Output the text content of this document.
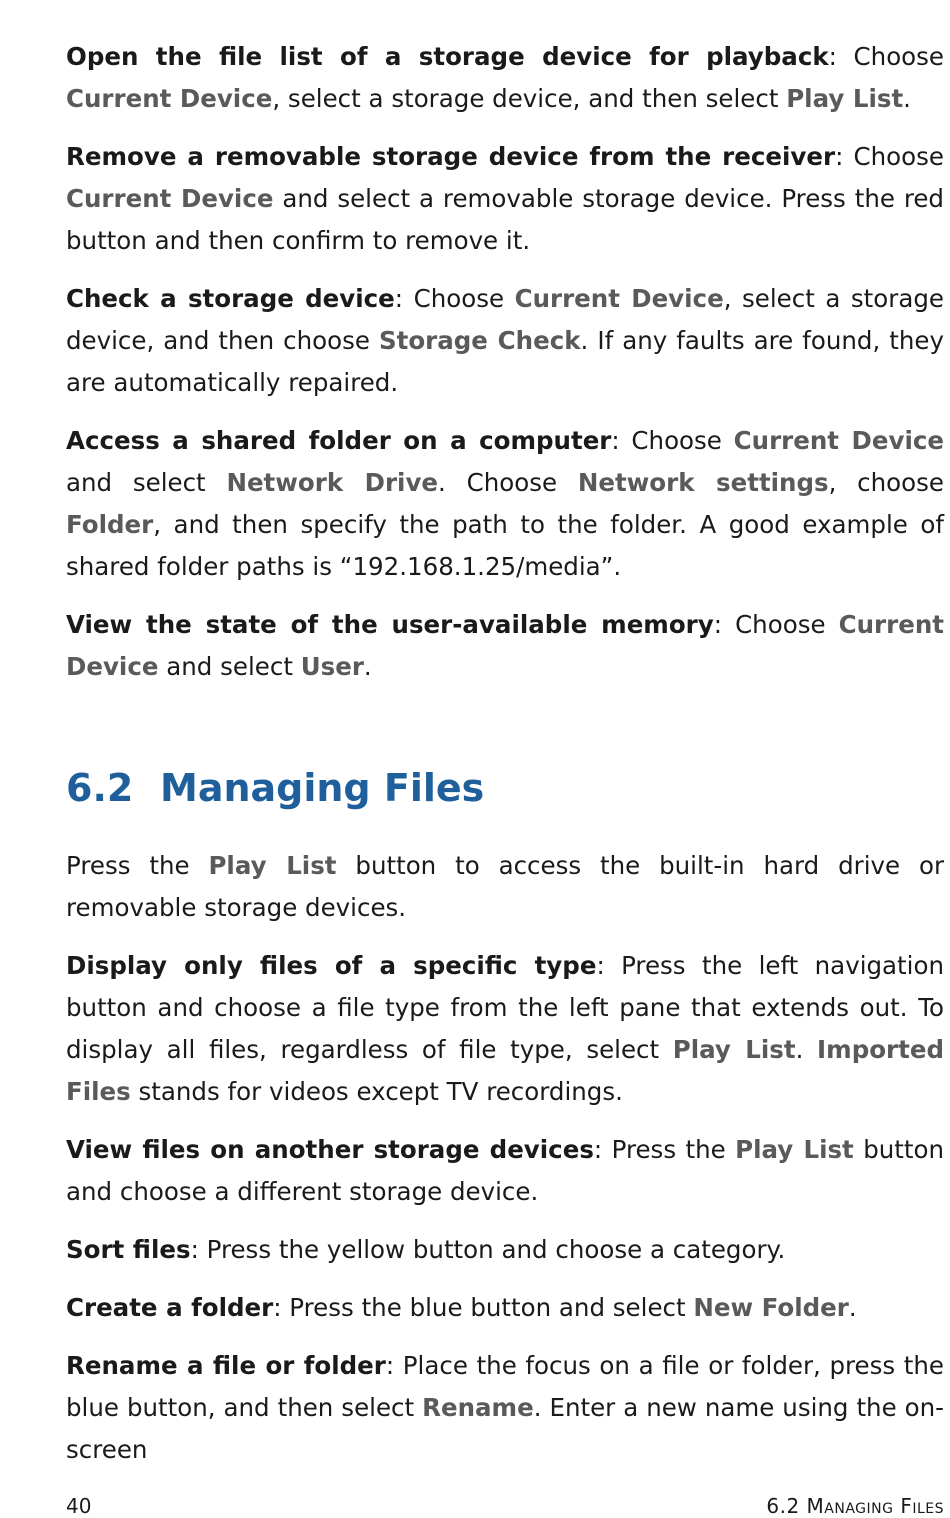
Open the file list of a storage device for playback: Choose Current Device, select a storage device, and then select Play List.

Remove a removable storage device from the receiver: Choose Current Device and select a removable storage device. Press the red button and then confirm to remove it.

Check a storage device: Choose Current Device, select a storage device, and then choose Storage Check. If any faults are found, they are automatically repaired.

Access a shared folder on a computer: Choose Current Device and select Network Drive. Choose Network settings, choose Folder, and then specify the path to the folder. A good example of shared folder paths is “192.168.1.25/media”.

View the state of the user-available memory: Choose Current Device and select User.

6.2 Managing Files

Press the Play List button to access the built-in hard drive or removable storage devices.

Display only files of a specific type: Press the left navigation button and choose a file type from the left pane that extends out. To display all files, regardless of file type, select Play List. Imported Files stands for videos except TV recordings.

View files on another storage devices: Press the Play List button and choose a different storage device.

Sort files: Press the yellow button and choose a category.

Create a folder: Press the blue button and select New Folder.

Rename a file or folder: Place the focus on a file or folder, press the blue button, and then select Rename. Enter a new name using the on-screen

40	6.2 Managing Files
